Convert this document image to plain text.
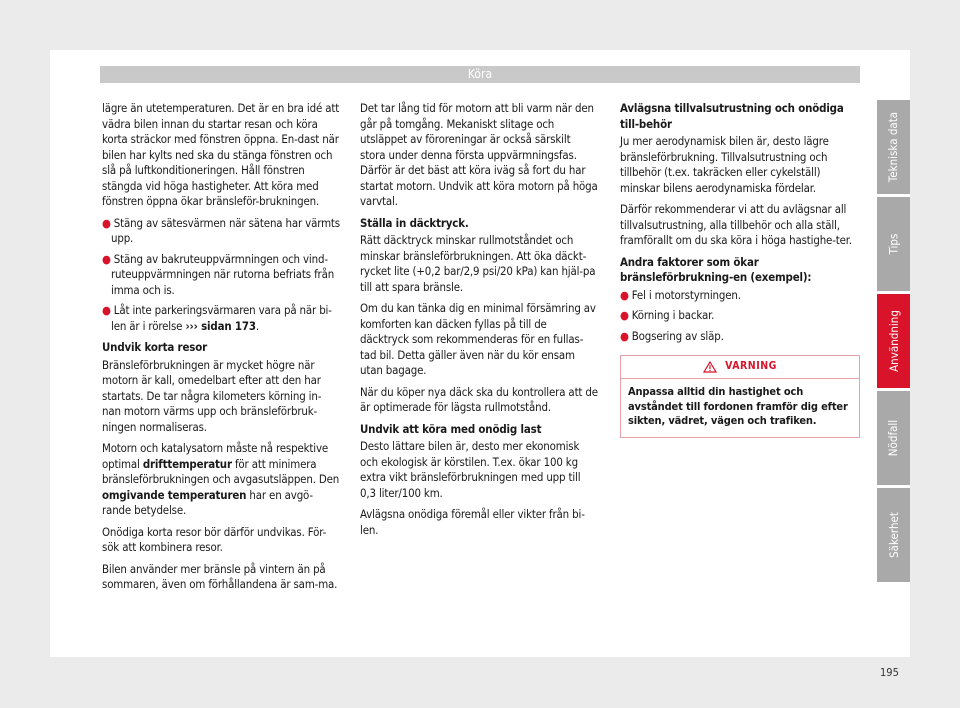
Köra

lägre än utetemperaturen. Det är en bra idé att vädra bilen innan du startar resan och köra korta sträckor med fönstren öppna. En-dast när bilen har kylts ned ska du stänga fönstren och slå på luftkonditioneringen. Håll fönstren stängda vid höga hastigheter. Att köra med fönstren öppna ökar bränsleför-brukningen.

● Stäng av sätesvärmen när sätena har värmts upp.

● Stäng av bakruteuppvärmningen och vind-ruteuppvärmningen när rutorna befriats från imma och is.

● Låt inte parkeringsvärmaren vara på när bi-len är i rörelse ››› sidan 173.

Undvik korta resor

Bränsleförbrukningen är mycket högre när motorn är kall, omedelbart efter att den har startats. De tar några kilometers körning in-nan motorn värms upp och bränsleförbruk-ningen normaliseras.

Motorn och katalysatorn måste nå respektive optimal drifttemperatur för att minimera bränsleförbrukningen och avgasutsläppen. Den omgivande temperaturen har en avgö-rande betydelse.

Onödiga korta resor bör därför undvikas. För-sök att kombinera resor.

Bilen använder mer bränsle på vintern än på sommaren, även om förhållandena är sam-ma.

Det tar lång tid för motorn att bli varm när den går på tomgång. Mekaniskt slitage och utsläppet av föroreningar är också särskilt stora under denna första uppvärmningsfas. Därför är det bäst att köra iväg så fort du har startat motorn. Undvik att köra motorn på höga varvtal.

Ställa in däcktryck.

Rätt däcktryck minskar rullmotståndet och minskar bränsleförbrukningen. Att öka däckt-rycket lite (+0,2 bar/2,9 psi/20 kPa) kan hjäl-pa till att spara bränsle.

Om du kan tänka dig en minimal försämring av komforten kan däcken fyllas på till de däcktryck som rekommenderas för en fullas-tad bil. Detta gäller även när du kör ensam utan bagage.

När du köper nya däck ska du kontrollera att de är optimerade för lägsta rullmotstånd.

Undvik att köra med onödig last

Desto lättare bilen är, desto mer ekonomisk och ekologisk är körstilen. T.ex. ökar 100 kg extra vikt bränsleförbrukningen med upp till 0,3 liter/100 km.

Avlägsna onödiga föremål eller vikter från bi-len.

Avlägsna tillvalsutrustning och onödiga till-behör

Ju mer aerodynamisk bilen är, desto lägre bränsleförbrukning. Tillvalsutrustning och tillbehör (t.ex. takräcken eller cykelställ) minskar bilens aerodynamiska fördelar.

Därför rekommenderar vi att du avlägsnar all tillvalsutrustning, alla tillbehör och alla ställ, framförallt om du ska köra i höga hastighe-ter.

Andra faktorer som ökar bränsleförbrukning-en (exempel):

● Fel i motorstyrningen.

● Körning i backar.

● Bogsering av släp.

VARNING
Anpassa alltid din hastighet och avståndet till fordonen framför dig efter sikten, vädret, vägen och trafiken.
Tekniska data
Tips
Användning
Nödfall
Säkerhet
195
